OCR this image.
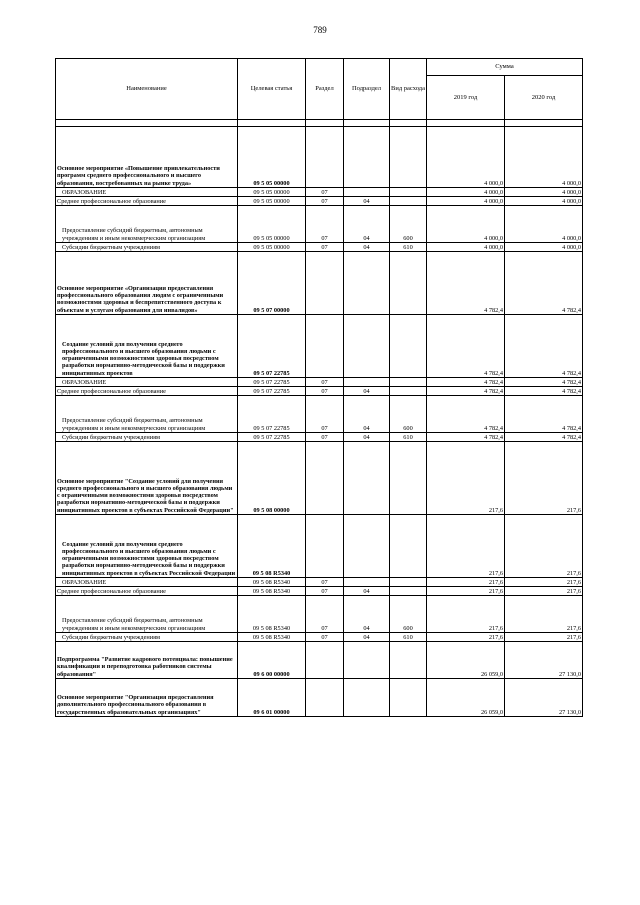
789
Наименование	Целевая статья	Раздел	Подраздел	Вид расхода	Сумма	
					2019 год	2020 год

Основное мероприятие «Повышение привлекательности программ среднего профессионального и высшего образования, востребованных на рынке труда»	09 5 05 00000				4 000,0	4 000,0
ОБРАЗОВАНИЕ	09 5 05 00000	07			4 000,0	4 000,0
Среднее профессиональное образование	09 5 05 00000	07	04		4 000,0	4 000,0
Предоставление субсидий бюджетным, автономным учреждениям и иным некоммерческим организациям	09 5 05 00000	07	04	600	4 000,0	4 000,0
Субсидии бюджетным учреждениям	09 5 05 00000	07	04	610	4 000,0	4 000,0
Основное мероприятие «Организация предоставления профессионального образования людям с ограниченными возможностями здоровья и беспрепятственного доступа к объектам и услугам образования для инвалидов»	09 5 07 00000				4 782,4	4 782,4
Создание условий для получения среднего профессионального и высшего образования людьми с ограниченными возможностями здоровья посредством разработки нормативно-методической базы и поддержки инициативных проектов	09 5 07 22785				4 782,4	4 782,4
ОБРАЗОВАНИЕ	09 5 07 22785	07			4 782,4	4 782,4
Среднее профессиональное образование	09 5 07 22785	07	04		4 782,4	4 782,4
Предоставление субсидий бюджетным, автономным учреждениям и иным некоммерческим организациям	09 5 07 22785	07	04	600	4 782,4	4 782,4
Субсидии бюджетным учреждениям	09 5 07 22785	07	04	610	4 782,4	4 782,4
Основное мероприятие "Создание условий для получения среднего профессионального и высшего образования людьми с ограниченными возможностями здоровья посредством разработки нормативно-методической базы и поддержки инициативных проектов в субъектах Российской Федерации"	09 5 08 00000				217,6	217,6
Создание условий для получения среднего профессионального и высшего образования людьми с ограниченными возможностями здоровья посредством разработки нормативно-методической базы и поддержки инициативных проектов в субъектах Российской Федерации	09 5 08 R5340				217,6	217,6
ОБРАЗОВАНИЕ	09 5 08 R5340	07			217,6	217,6
Среднее профессиональное образование	09 5 08 R5340	07	04		217,6	217,6
Предоставление субсидий бюджетным, автономным учреждениям и иным некоммерческим организациям	09 5 08 R5340	07	04	600	217,6	217,6
Субсидии бюджетным учреждениям	09 5 08 R5340	07	04	610	217,6	217,6
Подпрограмма "Развитие кадрового потенциала: повышение квалификации и переподготовка работников системы образования"	09 6 00 00000				26 059,0	27 130,0
Основное мероприятие "Организация предоставления дополнительного профессионального образования в государственных образовательных организациях"	09 6 01 00000				26 059,0	27 130,0
